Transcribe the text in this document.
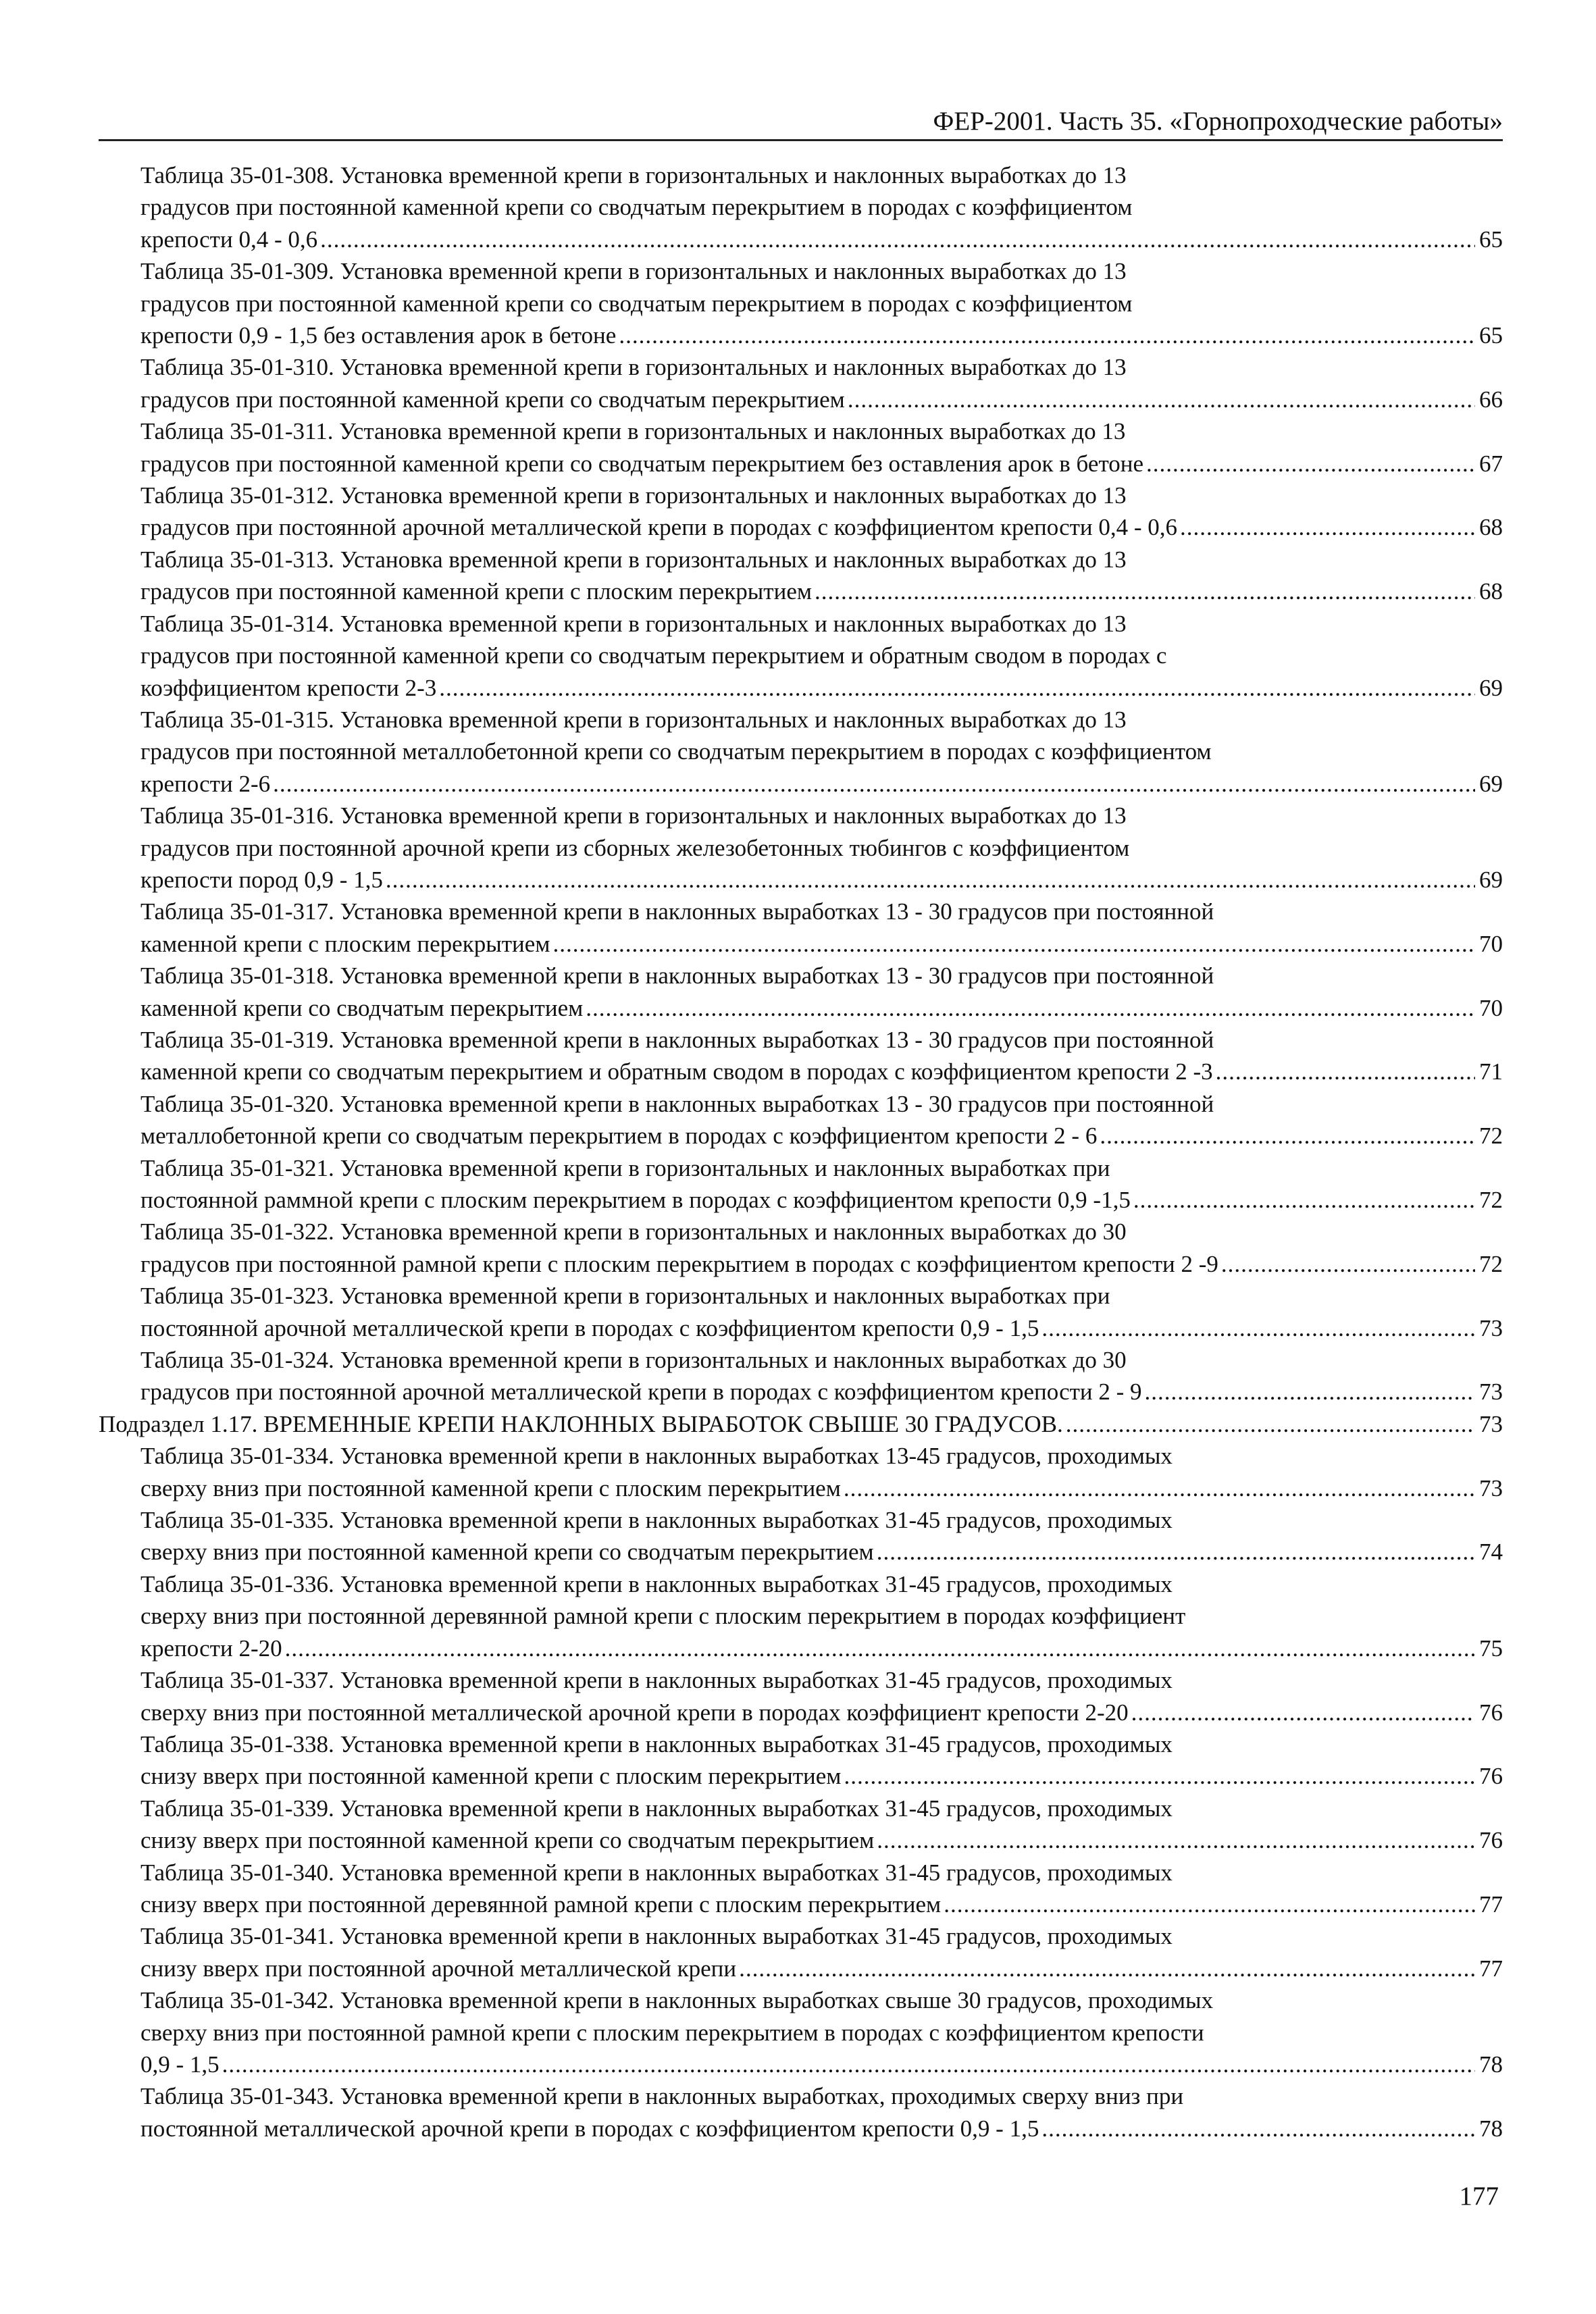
ФЕР-2001. Часть 35. «Горнопроходческие работы»
Таблица 35-01-308. Установка временной крепи в горизонтальных и наклонных выработках до 13
градусов при постоянной каменной крепи со сводчатым перекрытием в породах с коэффициентом
крепости 0,4 - 0,6 .....	65
Таблица 35-01-309. Установка временной крепи в горизонтальных и наклонных выработках до 13
градусов при постоянной каменной крепи со сводчатым перекрытием в породах с коэффициентом
крепости 0,9 - 1,5 без оставления арок в бетоне .....	65
Таблица 35-01-310. Установка временной крепи в горизонтальных и наклонных выработках до 13
градусов при постоянной каменной крепи со сводчатым перекрытием .....	66
Таблица 35-01-311. Установка временной крепи в горизонтальных и наклонных выработках до 13
градусов при постоянной каменной крепи со сводчатым перекрытием без оставления арок в бетоне .....	67
Таблица 35-01-312. Установка временной крепи в горизонтальных и наклонных выработках до 13
градусов при постоянной арочной металлической крепи в породах с коэффициентом крепости 0,4 - 0,6 .....	68
Таблица 35-01-313. Установка временной крепи в горизонтальных и наклонных выработках до 13
градусов при постоянной каменной крепи с плоским перекрытием .....	68
Таблица 35-01-314. Установка временной крепи в горизонтальных и наклонных выработках до 13
градусов при постоянной каменной крепи со сводчатым перекрытием и обратным сводом в породах с
коэффициентом крепости 2-3 .....	69
Таблица 35-01-315. Установка временной крепи в горизонтальных и наклонных выработках до 13
градусов при постоянной металлобетонной крепи со сводчатым перекрытием в породах с коэффициентом
крепости 2-6 .....	69
Таблица 35-01-316. Установка временной крепи в горизонтальных и наклонных выработках до 13
градусов при постоянной арочной крепи из сборных железобетонных тюбингов с коэффициентом
крепости пород 0,9 - 1,5 .....	69
Таблица 35-01-317. Установка временной крепи в наклонных выработках 13 - 30 градусов при постоянной
каменной крепи с плоским перекрытием .....	70
Таблица 35-01-318. Установка временной крепи в наклонных выработках 13 - 30 градусов при постоянной
каменной крепи со сводчатым перекрытием .....	70
Таблица 35-01-319. Установка временной крепи в наклонных выработках 13 - 30 градусов при постоянной
каменной крепи со сводчатым перекрытием и обратным сводом в породах с коэффициентом крепости 2 -3 .....	71
Таблица 35-01-320. Установка временной крепи в наклонных выработках 13 - 30 градусов при постоянной
металлобетонной крепи со сводчатым перекрытием в породах с коэффициентом крепости 2 - 6 .....	72
Таблица 35-01-321. Установка временной крепи в горизонтальных и наклонных выработках при
постоянной раммной крепи с плоским перекрытием в породах с коэффициентом крепости 0,9 -1,5 .....	72
Таблица 35-01-322. Установка временной крепи в горизонтальных и наклонных выработках до 30
градусов при постоянной рамной крепи с плоским перекрытием в породах с коэффициентом крепости 2 -9 .....	72
Таблица 35-01-323. Установка временной крепи в горизонтальных и наклонных выработках при
постоянной арочной металлической крепи в породах с коэффициентом крепости 0,9 - 1,5 .....	73
Таблица 35-01-324. Установка временной крепи в горизонтальных и наклонных выработках до 30
градусов при постоянной арочной металлической крепи в породах с коэффициентом крепости 2 - 9 .....	73
Подраздел 1.17. ВРЕМЕННЫЕ КРЕПИ НАКЛОННЫХ ВЫРАБОТОК СВЫШЕ 30 ГРАДУСОВ. .....	73
Таблица 35-01-334. Установка временной крепи в наклонных выработках 13-45 градусов, проходимых
сверху вниз при постоянной каменной крепи с плоским перекрытием .....	73
Таблица 35-01-335. Установка временной крепи в наклонных выработках 31-45 градусов, проходимых
сверху вниз при постоянной каменной крепи со сводчатым перекрытием .....	74
Таблица 35-01-336. Установка временной крепи в наклонных выработках 31-45 градусов, проходимых
сверху вниз при постоянной деревянной рамной крепи с плоским перекрытием в породах коэффициент
крепости 2-20 .....	75
Таблица 35-01-337. Установка временной крепи в наклонных выработках 31-45 градусов, проходимых
сверху вниз при постоянной металлической арочной крепи в породах коэффициент крепости 2-20 .....	76
Таблица 35-01-338. Установка временной крепи в наклонных выработках 31-45 градусов, проходимых
снизу вверх при постоянной каменной крепи с плоским перекрытием .....	76
Таблица 35-01-339. Установка временной крепи в наклонных выработках 31-45 градусов, проходимых
снизу вверх при постоянной каменной крепи со сводчатым перекрытием .....	76
Таблица 35-01-340. Установка временной крепи в наклонных выработках 31-45 градусов, проходимых
снизу вверх при постоянной деревянной рамной крепи с плоским перекрытием .....	77
Таблица 35-01-341. Установка временной крепи в наклонных выработках 31-45 градусов, проходимых
снизу вверх при постоянной арочной металлической крепи .....	77
Таблица 35-01-342. Установка временной крепи в наклонных выработках свыше 30 градусов, проходимых
сверху вниз при постоянной рамной крепи с плоским перекрытием в породах с коэффициентом крепости
0,9 - 1,5 .....	78
Таблица 35-01-343. Установка временной крепи в наклонных выработках, проходимых сверху вниз при
постоянной металлической арочной крепи в породах с коэффициентом крепости 0,9 - 1,5 .....	78
177
